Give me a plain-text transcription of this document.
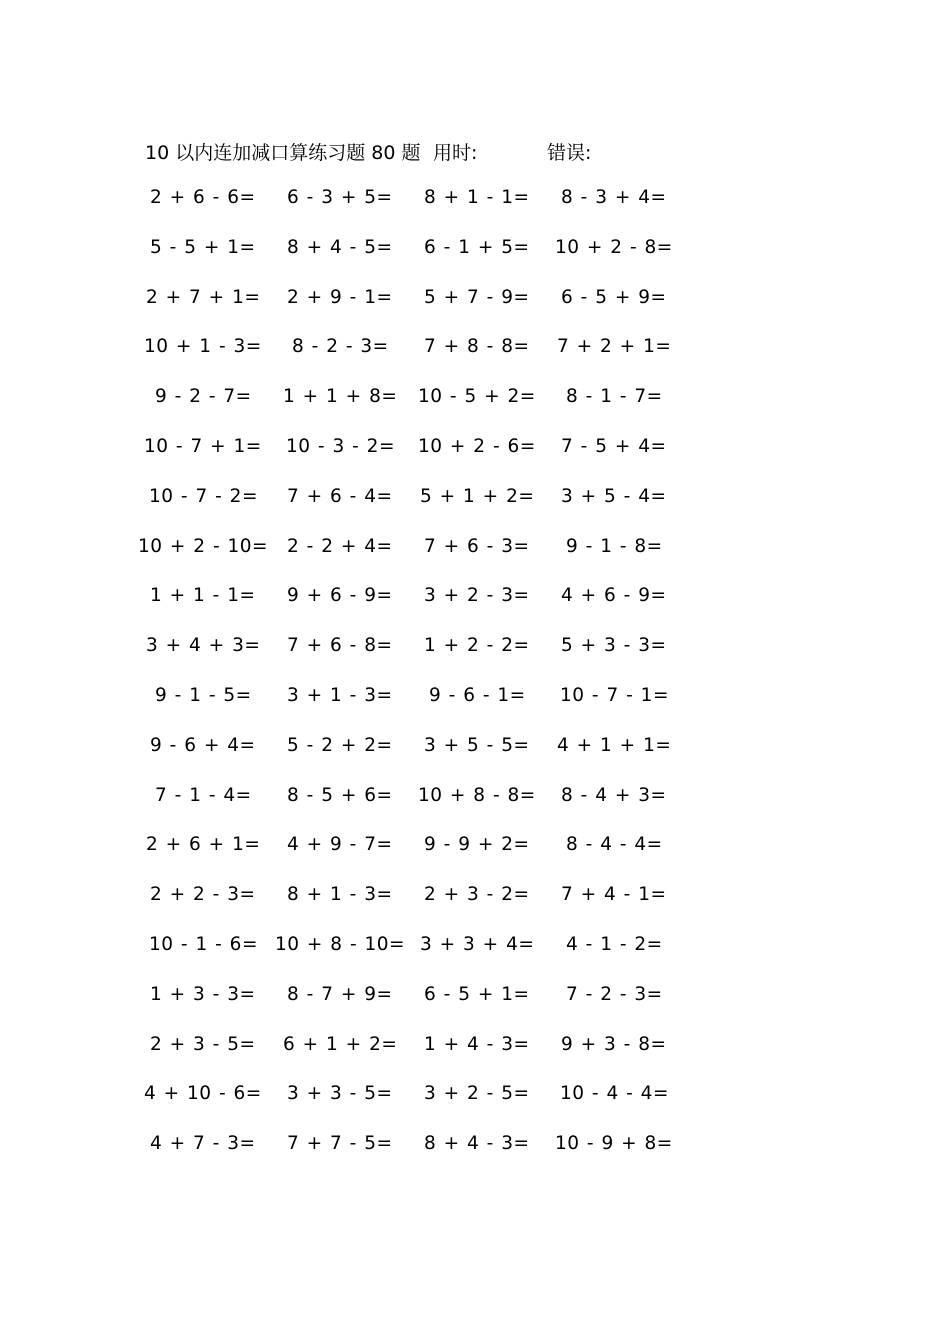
10 以内连加减口算练习题 80 题 用时:	错误:
2 + 6 - 6= 6 - 3 + 5= 8 + 1 - 1= 8 - 3 + 4=
5 - 5 + 1= 8 + 4 - 5= 6 - 1 + 5= 10 + 2 - 8=
2 + 7 + 1= 2 + 9 - 1= 5 + 7 - 9= 6 - 5 + 9=
10 + 1 - 3= 8 - 2 - 3= 7 + 8 - 8= 7 + 2 + 1=
9 - 2 - 7= 1 + 1 + 8= 10 - 5 + 2= 8 - 1 - 7=
10 - 7 + 1= 10 - 3 - 2= 10 + 2 - 6= 7 - 5 + 4=
10 - 7 - 2= 7 + 6 - 4= 5 + 1 + 2= 3 + 5 - 4=
10 + 2 - 10= 2 - 2 + 4= 7 + 6 - 3= 9 - 1 - 8=
1 + 1 - 1= 9 + 6 - 9= 3 + 2 - 3= 4 + 6 - 9=
3 + 4 + 3= 7 + 6 - 8= 1 + 2 - 2= 5 + 3 - 3=
9 - 1 - 5= 3 + 1 - 3= 9 - 6 - 1= 10 - 7 - 1=
9 - 6 + 4= 5 - 2 + 2= 3 + 5 - 5= 4 + 1 + 1=
7 - 1 - 4= 8 - 5 + 6= 10 + 8 - 8= 8 - 4 + 3=
2 + 6 + 1= 4 + 9 - 7= 9 - 9 + 2= 8 - 4 - 4=
2 + 2 - 3= 8 + 1 - 3= 2 + 3 - 2= 7 + 4 - 1=
10 - 1 - 6= 10 + 8 - 10= 3 + 3 + 4= 4 - 1 - 2=
1 + 3 - 3= 8 - 7 + 9= 6 - 5 + 1= 7 - 2 - 3=
2 + 3 - 5= 6 + 1 + 2= 1 + 4 - 3= 9 + 3 - 8=
4 + 10 - 6= 3 + 3 - 5= 3 + 2 - 5= 10 - 4 - 4=
4 + 7 - 3= 7 + 7 - 5= 8 + 4 - 3= 10 - 9 + 8=
